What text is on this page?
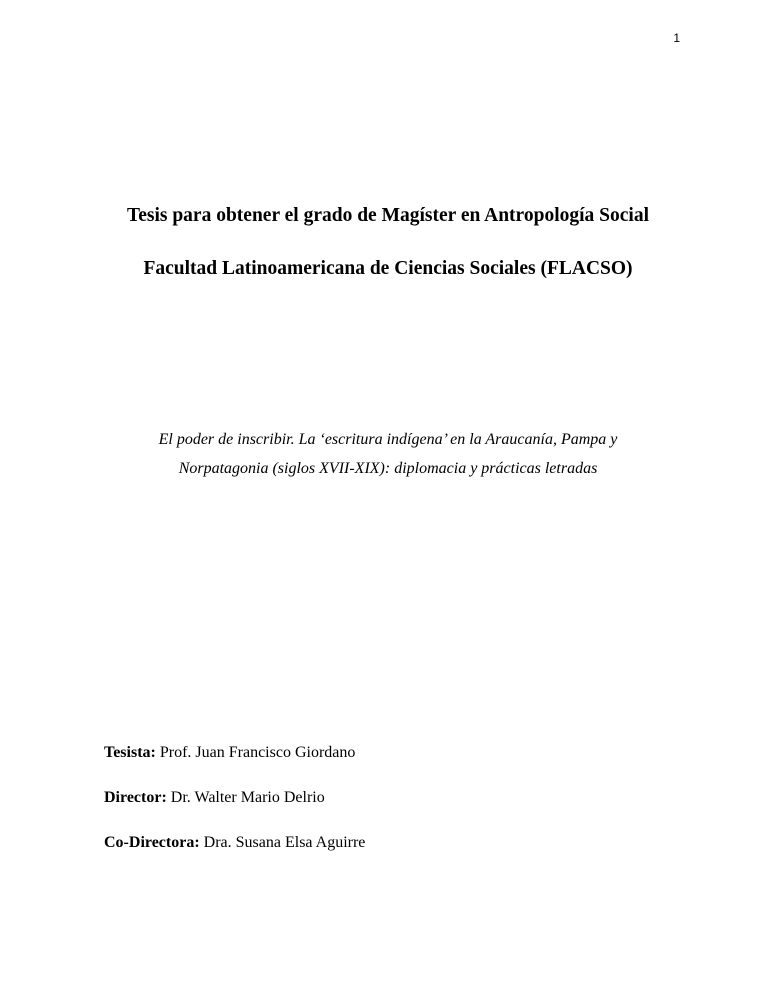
1
Tesis para obtener el grado de Magíster en Antropología Social
Facultad Latinoamericana de Ciencias Sociales (FLACSO)
El poder de inscribir. La ‘escritura indígena’ en la Araucanía, Pampa y
Norpatagonia (siglos XVII-XIX): diplomacia y prácticas letradas
Tesista: Prof. Juan Francisco Giordano
Director: Dr. Walter Mario Delrio
Co-Directora: Dra. Susana Elsa Aguirre
